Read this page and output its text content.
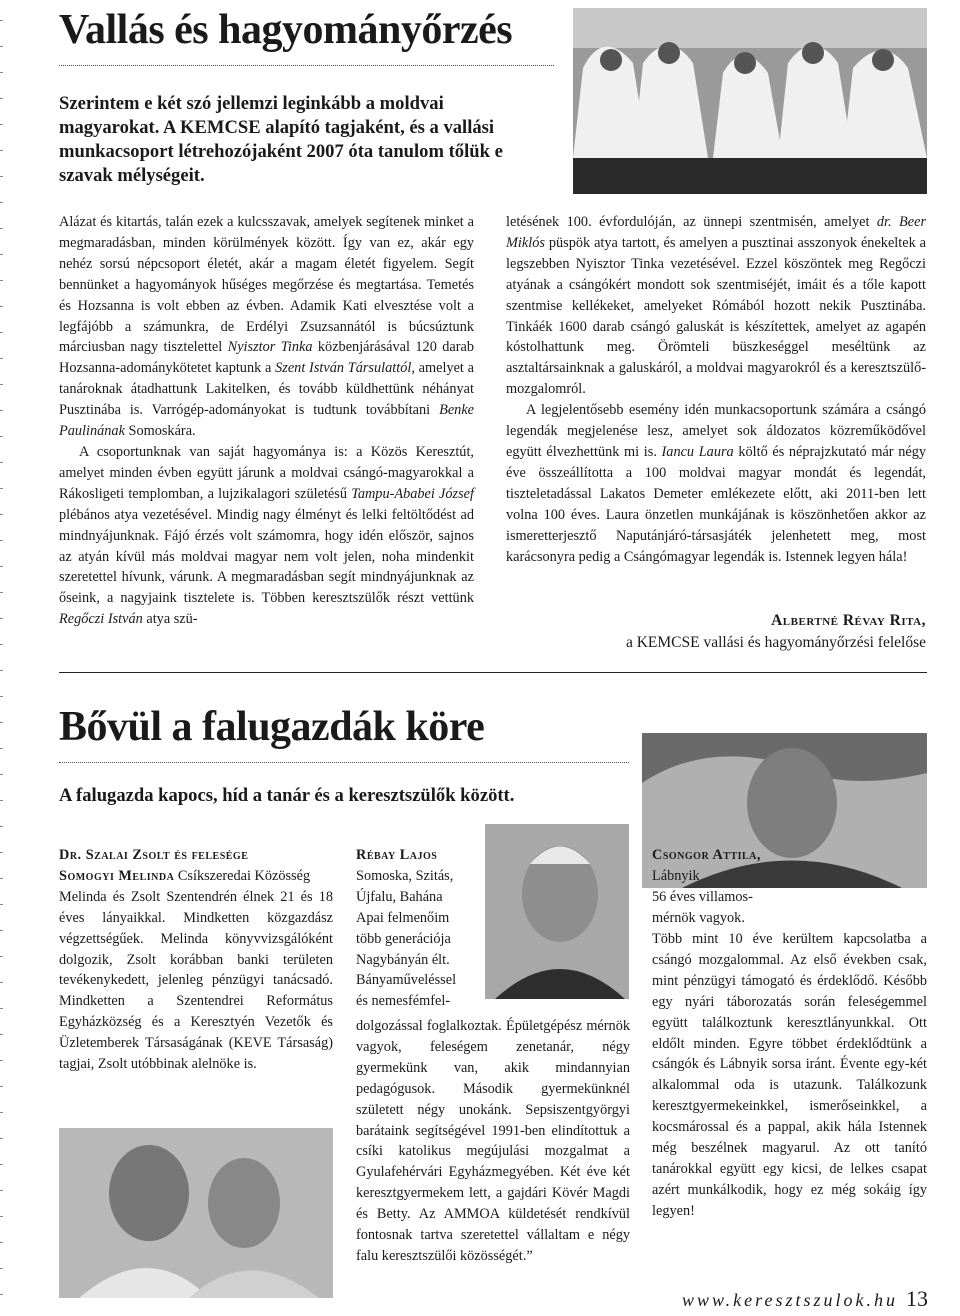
Vallás és hagyományőrzés
Szerintem e két szó jellemzi leginkább a moldvai magyarokat. A KEMCSE alapító tagjaként, és a vallási munkacsoport létrehozójaként 2007 óta tanulom tőlük e szavak mélységeit.

Alázat és kitartás, talán ezek a kulcsszavak, amelyek segítenek minket a megmaradásban, minden körülmények között. Így van ez, akár egy nehéz sorsú népcsoport életét, akár a magam életét figyelem. Segít bennünket a hagyományok hűséges megőrzése és megtartása. Temetés és Hozsanna is volt ebben az évben. Adamik Kati elvesztése volt a legfájóbb a számunkra, de Erdélyi Zsuzsannától is búcsúztunk márciusban nagy tisztelettel Nyisztor Tinka közbenjárásával 120 darab Hozsanna-adománykötetet kaptunk a Szent István Társulattól, amelyet a tanároknak átadhattunk Lakitelken, és tovább küldhettünk néhányat Pusztinába is. Varrógép-adományokat is tudtunk továbbítani Benke Paulinának Somoskára.

A csoportunknak van saját hagyománya is: a Közös Keresztút, amelyet minden évben együtt járunk a moldvai csángó-magyarokkal a Rákosligeti templomban, a lujzikalagori születésű Tampu-Ababei József plébános atya vezetésével. Mindig nagy élményt és lelki feltöltődést ad mindnyájunknak. Fájó érzés volt számomra, hogy idén először, sajnos az atyán kívül más moldvai magyar nem volt jelen, noha mindenkit szeretettel hívunk, várunk. A megmaradásban segít mindnyájunknak az őseink, a nagyjaink tisztelete is. Többen keresztszülők részt vettünk Regőczi István atya szü-

letésének 100. évfordulóján, az ünnepi szentmisén, amelyet dr. Beer Miklós püspök atya tartott, és amelyen a pusztinai asszonyok énekeltek a legszebben Nyisztor Tinka vezetésével. Ezzel köszöntek meg Regőczi atyának a csángókért mondott sok szentmiséjét, imáit és a tőle kapott szentmise kellékeket, amelyeket Rómából hozott nekik Pusztinába. Tinkáék 1600 darab csángó galuskát is készítettek, amelyet az agapén kóstolhattunk meg. Örömteli büszkeséggel meséltünk az asztaltársainknak a galuskáról, a moldvai magyarokról és a keresztszülő-mozgalomról.

A legjelentősebb esemény idén munkacsoportunk számára a csángó legendák megjelenése lesz, amelyet sok áldozatos közreműködővel együtt élvezhettünk mi is. Iancu Laura költő és néprajzkutató már négy éve összeállította a 100 moldvai magyar mondát és legendát, tiszteletadással Lakatos Demeter emlékezete előtt, aki 2011-ben lett volna 100 éves. Laura önzetlen munkájának is köszönhetően akkor az ismeretterjesztő Naputánjáró-társasjáték jelenhetett meg, most karácsonyra pedig a Csángómagyar legendák is. Istennek legyen hála!

Albertné Révay Rita,
a KEMCSE vallási és hagyományőrzési felelőse
Bővül a falugazdák köre
A falugazda kapocs, híd a tanár és a keresztszülők között.
Dr. Szalai Zsolt és felesége
Somogyi Melinda Csíkszeredai Közösség
Melinda és Zsolt Szentendrén élnek 21 és 18 éves lányaikkal. Mindketten közgazdász végzettségűek. Melinda könyvvizsgálóként dolgozik, Zsolt korábban banki területen tevékenykedett, jelenleg pénzügyi tanácsadó. Mindketten a Szentendrei Református Egyházközség és a Keresztyén Vezetők és Üzletemberek Társaságának (KEVE Társaság) tagjai, Zsolt utóbbinak alelnöke is.
Rébay Lajos
Somoska, Szitás,
Újfalu, Bahána
Apai felmenőim
több generációja
Nagybányán élt.
Bányaműveléssel
és nemesfémfel-
dolgozással foglalkoztak. Épületgépész mérnök vagyok, feleségem zenetanár, négy gyermekünk van, akik mindannyian pedagógusok. Második gyermekünknél született négy unokánk. Sepsiszentgyörgyi barátaink segítségével 1991-ben elindítottuk a csíki katolikus megújulási mozgalmat a Gyulafehérvári Egyházmegyében. Két éve két keresztgyermekem lett, a gajdári Kövér Magdi és Betty. Az AMMOA küldetését rendkívül fontosnak tartva szeretettel vállaltam e négy falu keresztszülői közösségét.”
Csongor Attila,
Lábnyik
56 éves villamos-
mérnök vagyok.
Több mint 10 éve kerültem kapcsolatba a csángó mozgalommal. Az első években csak, mint pénzügyi támogató és érdeklődő. Később egy nyári táborozatás során feleségemmel együtt találkoztunk keresztlányunkkal. Ott eldőlt minden. Egyre többet érdeklődtünk a csángók és Lábnyik sorsa iránt. Évente egy-két alkalommal oda is utazunk. Találkozunk keresztgyermekeinkkel, ismerőseinkkel, a kocsmárossal és a pappal, akik hála Istennek még beszélnek magyarul. Az ott tanító tanárokkal együtt egy kicsi, de lelkes csapat azért munkálkodik, hogy ez még sokáig így legyen!
www.keresztszulok.hu 13
